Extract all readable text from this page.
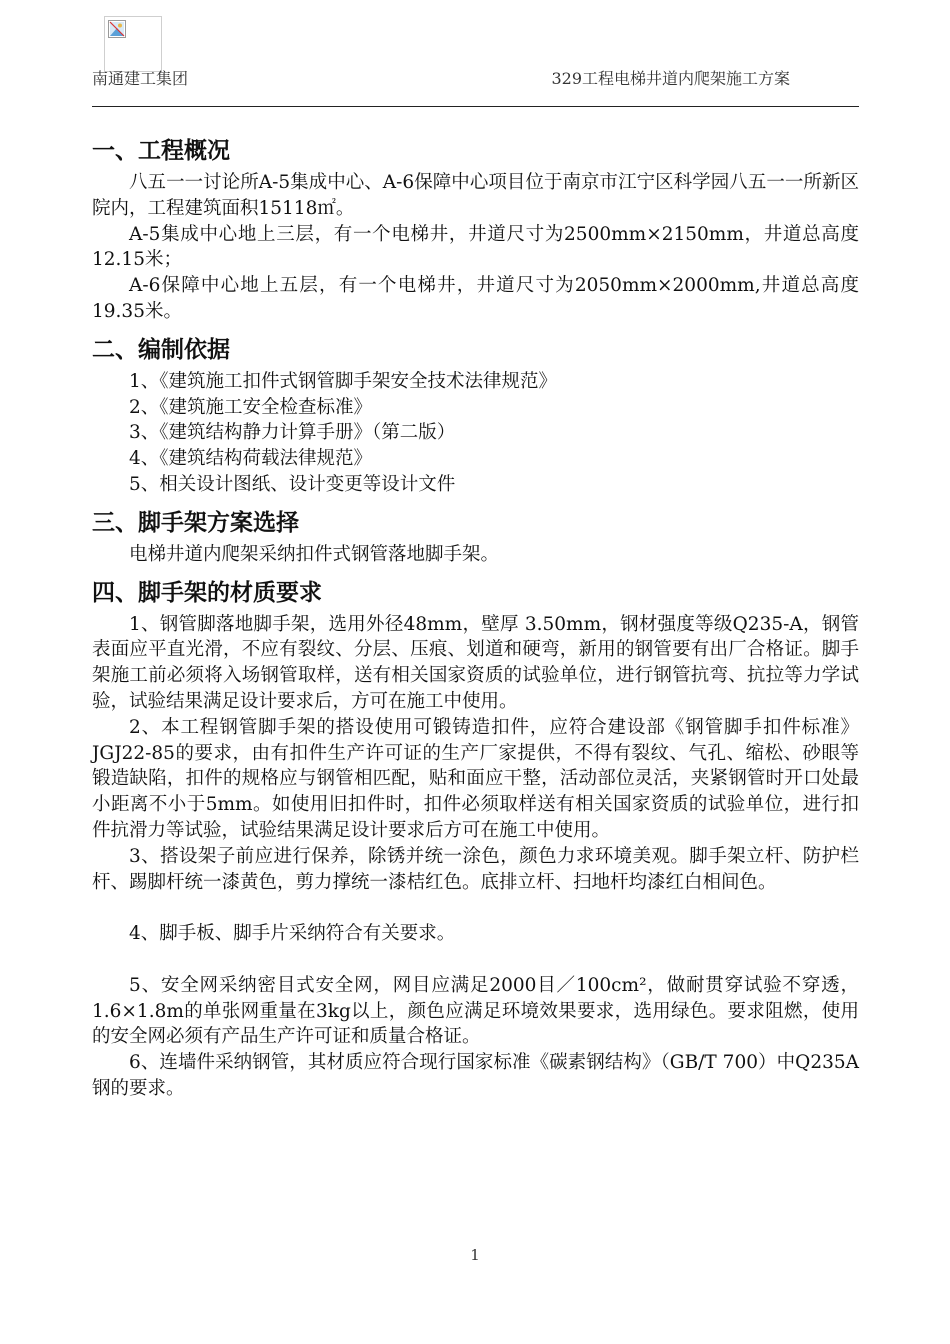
南通建工集团	329工程电梯井道内爬架施工方案
一、工程概况

八五一一讨论所A-5集成中心、A-6保障中心项目位于南京市江宁区科学园八五一一所新区院内，工程建筑面积15118㎡。

A-5集成中心地上三层，有一个电梯井，井道尺寸为2500mm×2150mm，井道总高度12.15米；

A-6保障中心地上五层，有一个电梯井，井道尺寸为2050mm×2000mm,井道总高度19.35米。

二、编制依据

1、《建筑施工扣件式钢管脚手架安全技术法律规范》

2、《建筑施工安全检查标准》

3、《建筑结构静力计算手册》（第二版）

4、《建筑结构荷载法律规范》

5、相关设计图纸、设计变更等设计文件

三、脚手架方案选择

电梯井道内爬架采纳扣件式钢管落地脚手架。

四、脚手架的材质要求

1、钢管脚落地脚手架，选用外径48mm，壁厚 3.50mm，钢材强度等级Q235-A，钢管表面应平直光滑，不应有裂纹、分层、压痕、划道和硬弯，新用的钢管要有出厂合格证。脚手架施工前必须将入场钢管取样，送有相关国家资质的试验单位，进行钢管抗弯、抗拉等力学试验，试验结果满足设计要求后，方可在施工中使用。

2、本工程钢管脚手架的搭设使用可锻铸造扣件，应符合建设部《钢管脚手扣件标准》JGJ22-85的要求，由有扣件生产许可证的生产厂家提供，不得有裂纹、气孔、缩松、砂眼等锻造缺陷，扣件的规格应与钢管相匹配，贴和面应干整，活动部位灵活，夹紧钢管时开口处最小距离不小于5mm。如使用旧扣件时，扣件必须取样送有相关国家资质的试验单位，进行扣件抗滑力等试验，试验结果满足设计要求后方可在施工中使用。

3、搭设架子前应进行保养，除锈并统一涂色，颜色力求环境美观。脚手架立杆、防护栏杆、踢脚杆统一漆黄色，剪力撑统一漆桔红色。底排立杆、扫地杆均漆红白相间色。

4、脚手板、脚手片采纳符合有关要求。

5、安全网采纳密目式安全网，网目应满足2000目／100cm²，做耐贯穿试验不穿透，1.6×1.8m的单张网重量在3kg以上，颜色应满足环境效果要求，选用绿色。要求阻燃，使用的安全网必须有产品生产许可证和质量合格证。

6、连墙件采纳钢管，其材质应符合现行国家标准《碳素钢结构》（GB/T 700）中Q235A钢的要求。

1
